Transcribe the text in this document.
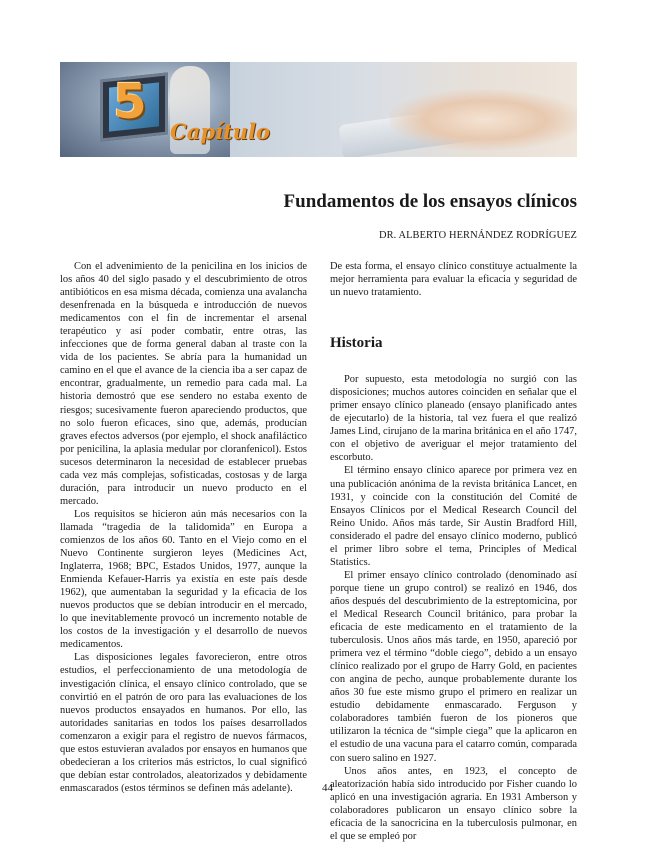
5
Capítulo
Fundamentos de los ensayos clínicos

DR. ALBERTO HERNÁNDEZ RODRÍGUEZ

Con el advenimiento de la penicilina en los inicios de los años 40 del siglo pasado y el descubrimiento de otros antibióticos en esa misma década, comienza una avalancha desenfrenada en la búsqueda e introducción de nuevos medicamentos con el fin de incrementar el arsenal terapéutico y así poder combatir, entre otras, las infecciones que de forma general daban al traste con la vida de los pacientes. Se abría para la humanidad un camino en el que el avance de la ciencia iba a ser capaz de encontrar, gradualmente, un remedio para cada mal. La historia demostró que ese sendero no estaba exento de riesgos; sucesivamente fueron apareciendo productos, que no solo fueron eficaces, sino que, además, producían graves efectos adversos (por ejemplo, el shock anafiláctico por penicilina, la aplasia medular por cloranfenicol). Estos sucesos determinaron la necesidad de establecer pruebas cada vez más complejas, sofisticadas, costosas y de larga duración, para introducir un nuevo producto en el mercado.

Los requisitos se hicieron aún más necesarios con la llamada “tragedia de la talidomida” en Europa a comienzos de los años 60. Tanto en el Viejo como en el Nuevo Continente surgieron leyes (Medicines Act, Inglaterra, 1968; BPC, Estados Unidos, 1977, aunque la Enmienda Kefauer-Harris ya existía en este país desde 1962), que aumentaban la seguridad y la eficacia de los nuevos productos que se debían introducir en el mercado, lo que inevitablemente provocó un incremento notable de los costos de la investigación y el desarrollo de nuevos medicamentos.

Las disposiciones legales favorecieron, entre otros estudios, el perfeccionamiento de una metodología de investigación clínica, el ensayo clínico controlado, que se convirtió en el patrón de oro para las evaluaciones de los nuevos productos ensayados en humanos. Por ello, las autoridades sanitarias en todos los países desarrollados comenzaron a exigir para el registro de nuevos fármacos, que estos estuvieran avalados por ensayos en humanos que obedecieran a los criterios más estrictos, lo cual significó que debían estar controlados, aleatorizados y debidamente enmascarados (estos términos se definen más adelante).

De esta forma, el ensayo clínico constituye actualmente la mejor herramienta para evaluar la eficacia y seguridad de un nuevo tratamiento.

Historia

Por supuesto, esta metodología no surgió con las disposiciones; muchos autores coinciden en señalar que el primer ensayo clínico planeado (ensayo planificado antes de ejecutarlo) de la historia, tal vez fuera el que realizó James Lind, cirujano de la marina británica en el año 1747, con el objetivo de averiguar el mejor tratamiento del escorbuto.

El término ensayo clínico aparece por primera vez en una publicación anónima de la revista británica Lancet, en 1931, y coincide con la constitución del Comité de Ensayos Clínicos por el Medical Research Council del Reino Unido. Años más tarde, Sir Austin Bradford Hill, considerado el padre del ensayo clínico moderno, publicó el primer libro sobre el tema, Principles of Medical Statistics.

El primer ensayo clínico controlado (denominado así porque tiene un grupo control) se realizó en 1946, dos años después del descubrimiento de la estreptomicina, por el Medical Research Council británico, para probar la eficacia de este medicamento en el tratamiento de la tuberculosis. Unos años más tarde, en 1950, apareció por primera vez el término “doble ciego”, debido a un ensayo clínico realizado por el grupo de Harry Gold, en pacientes con angina de pecho, aunque probablemente durante los años 30 fue este mismo grupo el primero en realizar un estudio debidamente enmascarado. Ferguson y colaboradores también fueron de los pioneros que utilizaron la técnica de “simple ciega” que la aplicaron en el estudio de una vacuna para el catarro común, comparada con suero salino en 1927.

Unos años antes, en 1923, el concepto de aleatorización había sido introducido por Fisher cuando lo aplicó en una investigación agraria. En 1931 Amberson y colaboradores publicaron un ensayo clínico sobre la eficacia de la sanocricina en la tuberculosis pulmonar, en el que se empleó por

44
